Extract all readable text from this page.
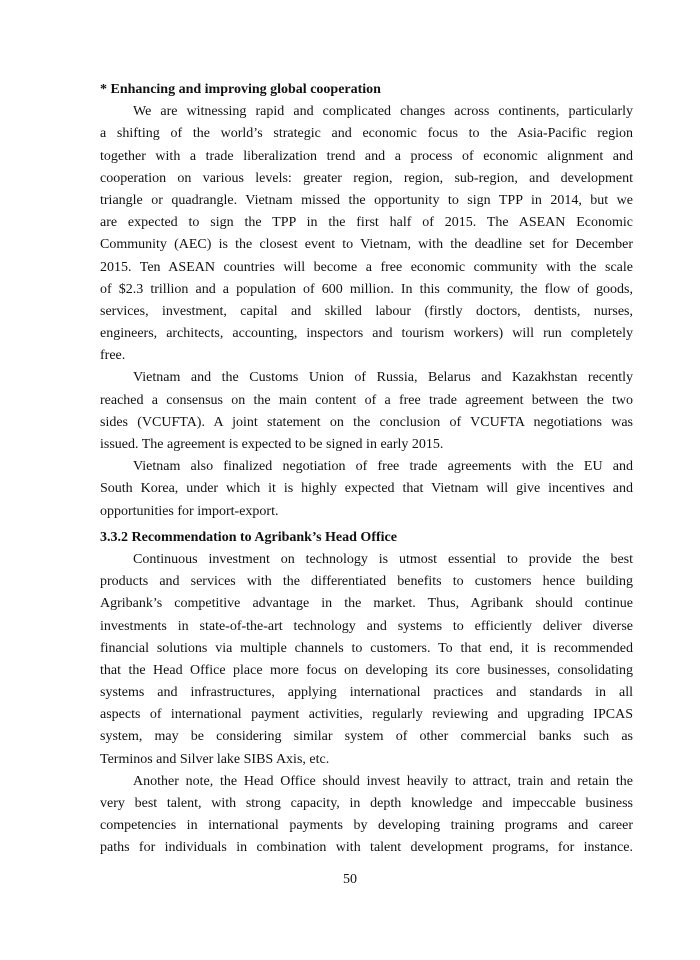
* Enhancing and improving global cooperation
We are witnessing rapid and complicated changes across continents, particularly
a shifting of the world’s strategic and economic focus to the Asia-Pacific region
together with a trade liberalization trend and a process of economic alignment and
cooperation on various levels: greater region, region, sub-region, and development
triangle or quadrangle. Vietnam missed the opportunity to sign TPP in 2014, but we
are expected to sign the TPP in the first half of 2015. The ASEAN Economic
Community (AEC) is the closest event to Vietnam, with the deadline set for December
2015. Ten ASEAN countries will become a free economic community with the scale
of $2.3 trillion and a population of 600 million. In this community, the flow of goods,
services, investment, capital and skilled labour (firstly doctors, dentists, nurses,
engineers, architects, accounting, inspectors and tourism workers) will run completely
free.
Vietnam and the Customs Union of Russia, Belarus and Kazakhstan recently
reached a consensus on the main content of a free trade agreement between the two
sides (VCUFTA). A joint statement on the conclusion of VCUFTA negotiations was
issued. The agreement is expected to be signed in early 2015.
Vietnam also finalized negotiation of free trade agreements with the EU and
South Korea, under which it is highly expected that Vietnam will give incentives and
opportunities for import-export.
3.3.2 Recommendation to Agribank’s Head Office
Continuous investment on technology is utmost essential to provide the best
products and services with the differentiated benefits to customers hence building
Agribank’s competitive advantage in the market. Thus, Agribank should continue
investments in state-of-the-art technology and systems to efficiently deliver diverse
financial solutions via multiple channels to customers. To that end, it is recommended
that the Head Office place more focus on developing its core businesses, consolidating
systems and infrastructures, applying international practices and standards in all
aspects of international payment activities, regularly reviewing and upgrading IPCAS
system, may be considering similar system of other commercial banks such as
Terminos and Silver lake SIBS Axis, etc.
Another note, the Head Office should invest heavily to attract, train and retain the
very best talent, with strong capacity, in depth knowledge and impeccable business
competencies in international payments by developing training programs and career
paths for individuals in combination with talent development programs, for instance.
50
